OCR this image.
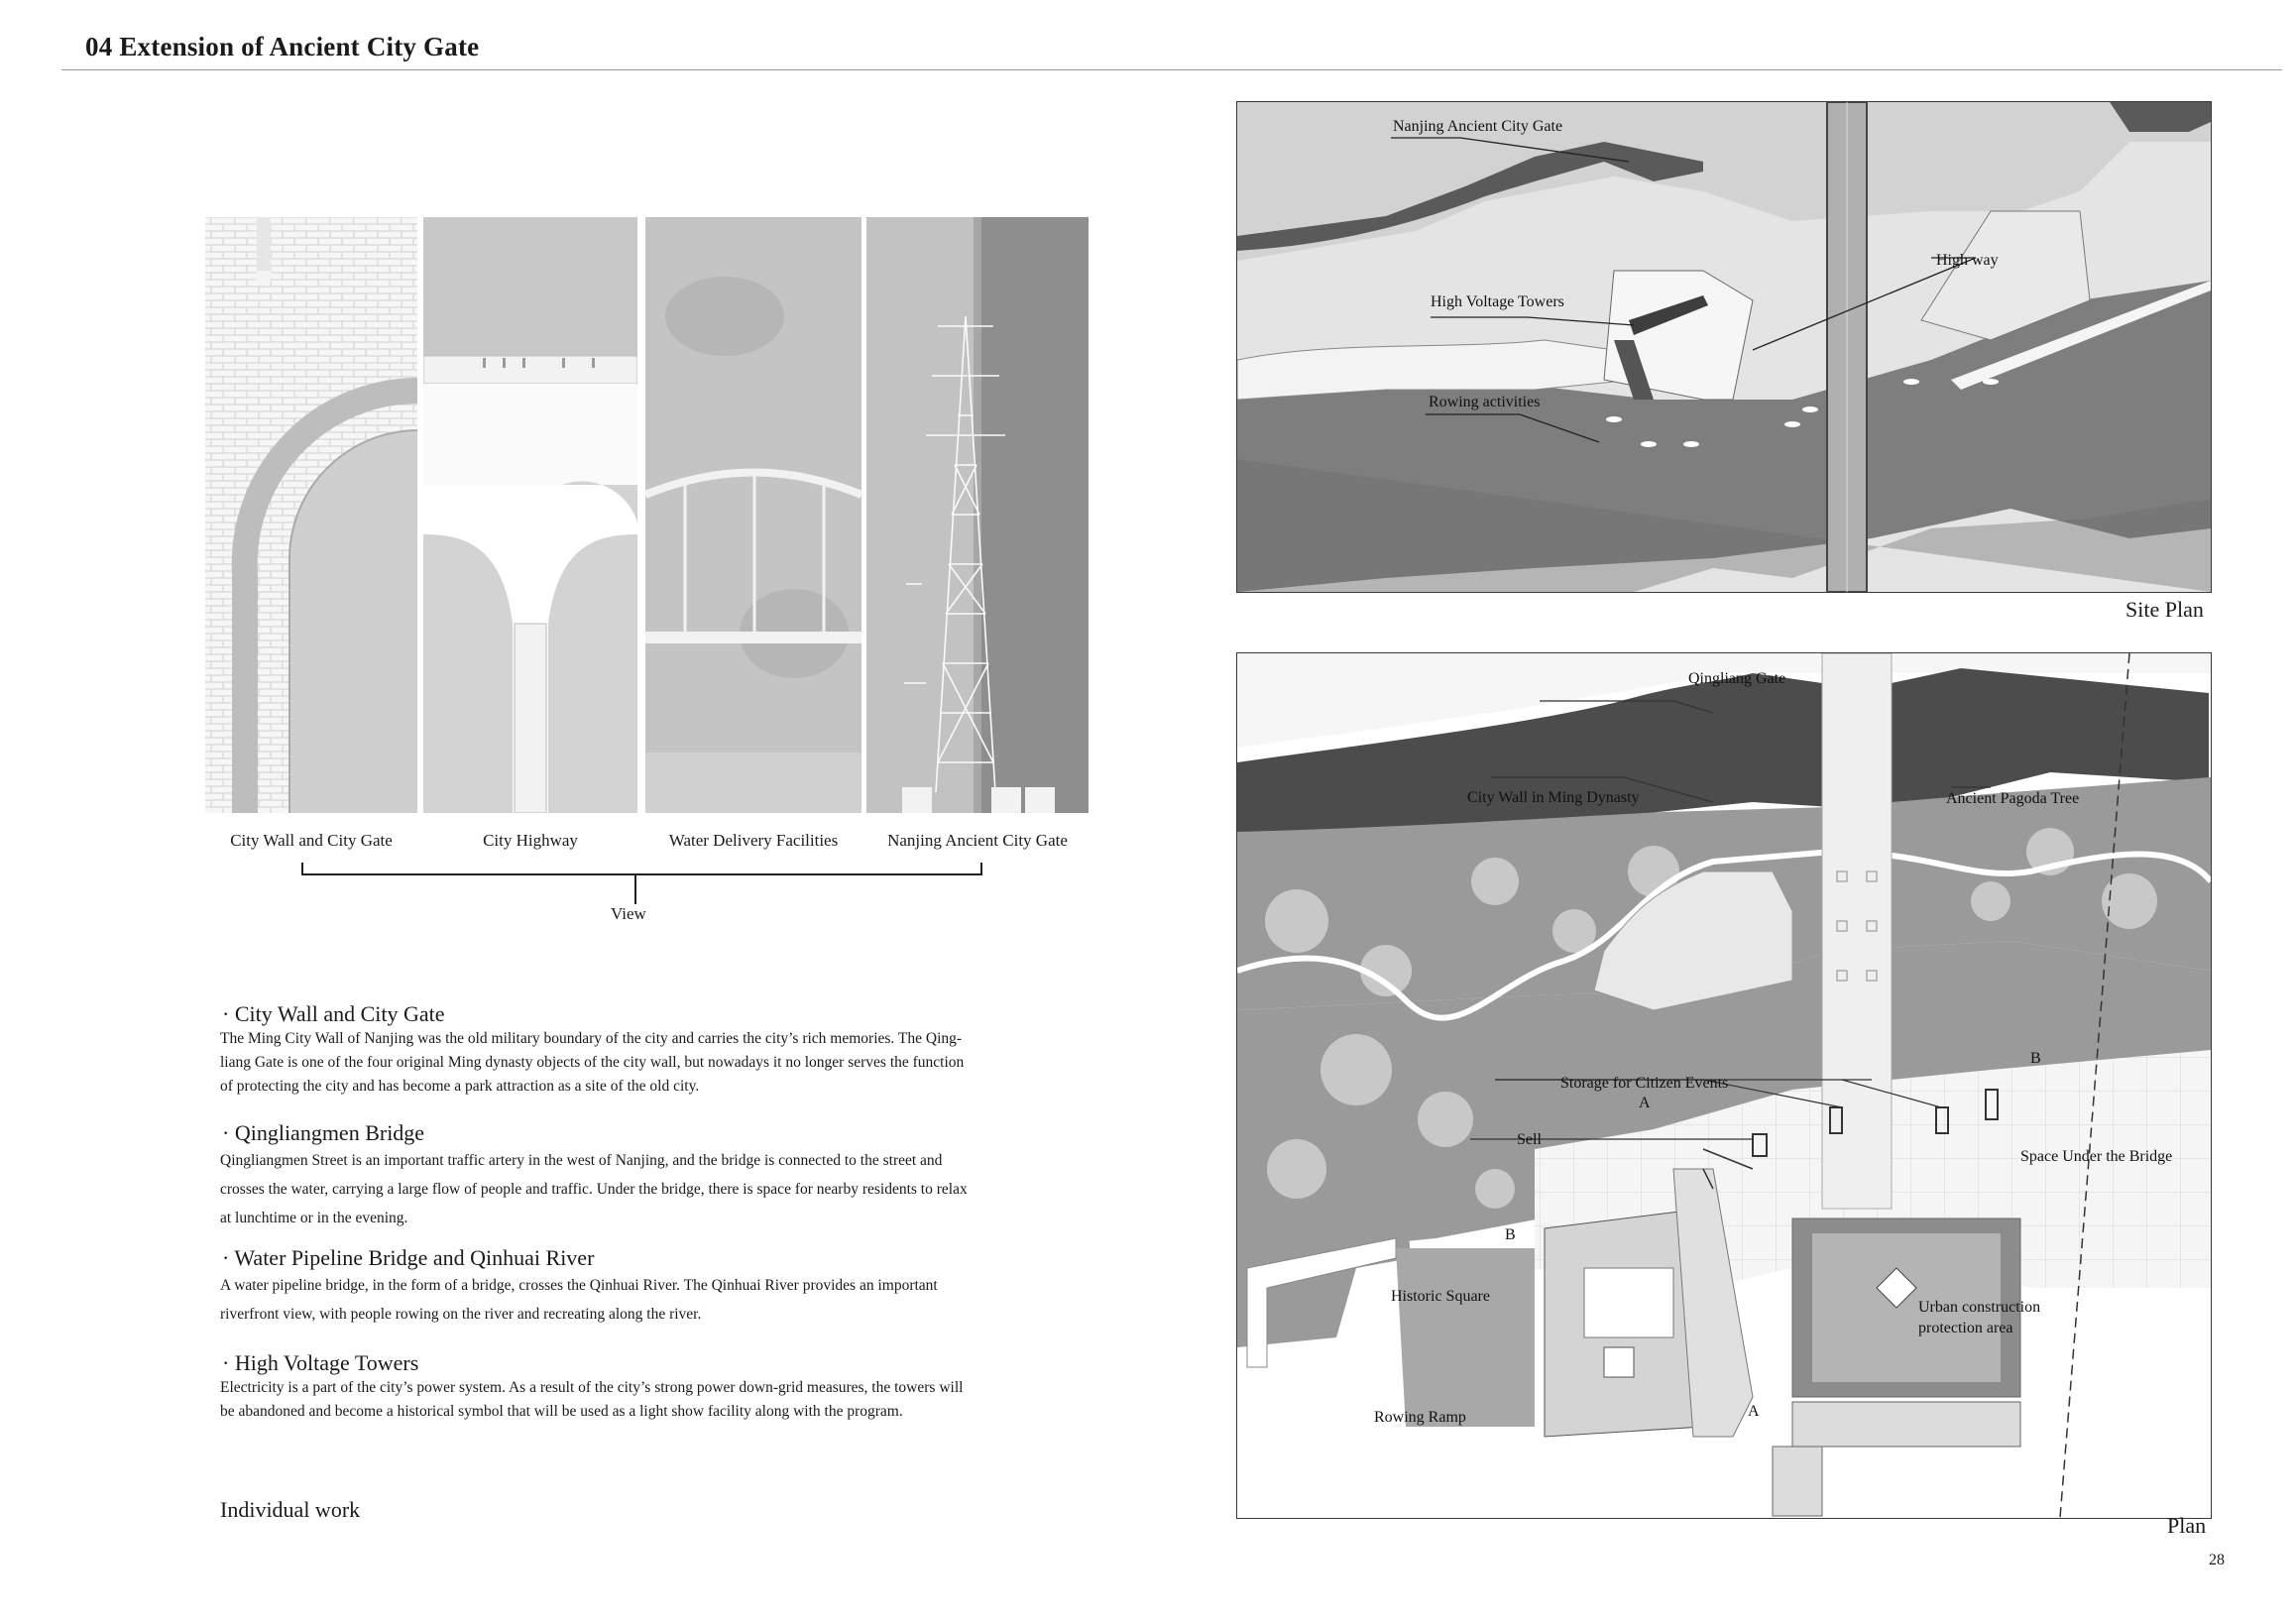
04 Extension of Ancient City Gate
City Wall and City Gate	City Highway	Water Delivery Facilities	Nanjing Ancient City Gate
View
· City Wall and City Gate
The Ming City Wall of Nanjing was the old military boundary of the city and carries the city’s rich memories. The Qing-
liang Gate is one of the four original Ming dynasty objects of the city wall, but nowadays it no longer serves the function
of protecting the city and has become a park attraction as a site of the old city.
· Qingliangmen Bridge
Qingliangmen Street is an important traffic artery in the west of Nanjing, and the bridge is connected to the street and
crosses the water, carrying a large flow of people and traffic. Under the bridge, there is space for nearby residents to relax
at lunchtime or in the evening.
· Water Pipeline Bridge and Qinhuai River
A water pipeline bridge, in the form of a bridge, crosses the Qinhuai River. The Qinhuai River provides an important
riverfront view, with people rowing on the river and recreating along the river.
· High Voltage Towers
Electricity is a part of the city’s power system. As a result of the city’s strong power down-grid measures, the towers will
be abandoned and become a historical symbol that will be used as a light show facility along with the program.
Individual work
Nanjing Ancient City Gate
High Voltage Towers
Rowing activities
High way
Site Plan
Qingliang Gate
City Wall in Ming Dynasty	Ancient Pagoda Tree
Storage for Citizen Events
Sell
Space Under the Bridge
Historic Square
Urban construction
protection area
Rowing Ramp
A
A
B
B
Plan
28
